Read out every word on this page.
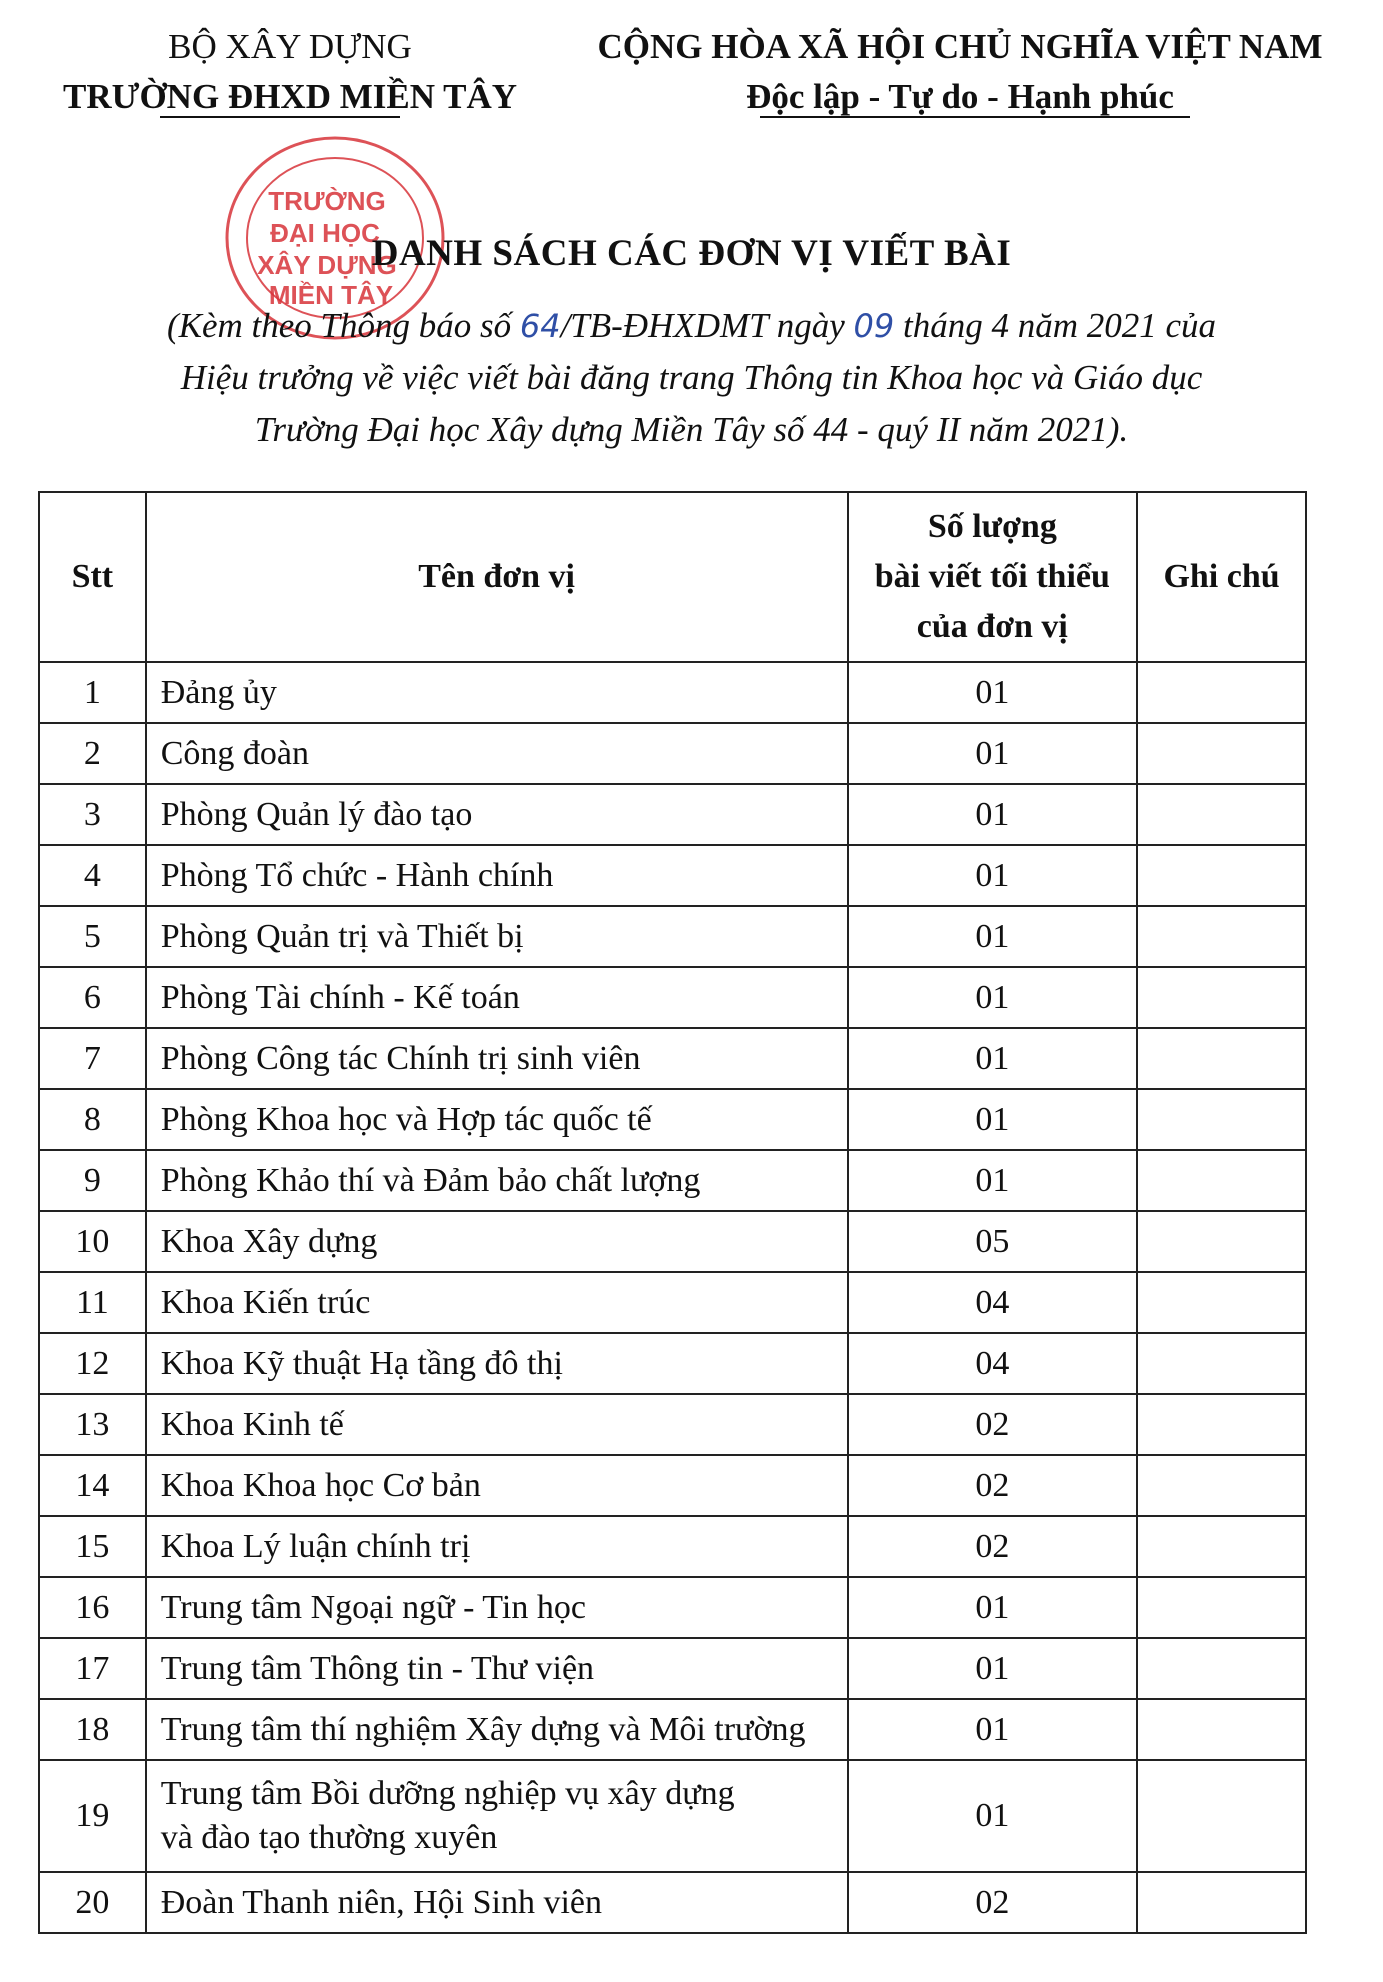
BỘ XÂY DỰNG
TRƯỜNG ĐHXD MIỀN TÂY
CỘNG HÒA XÃ HỘI CHỦ NGHĨA VIỆT NAM
Độc lập - Tự do - Hạnh phúc
TRƯỜNG
ĐẠI HỌC
XÂY DỰNG
MIỀN TÂY
DANH SÁCH CÁC ĐƠN VỊ VIẾT BÀI
(Kèm theo Thông báo số 64/TB-ĐHXDMT ngày 09 tháng 4 năm 2021 của
Hiệu trưởng về việc viết bài đăng trang Thông tin Khoa học và Giáo dục
Trường Đại học Xây dựng Miền Tây số 44 - quý II năm 2021).
Stt	Tên đơn vị	Số lượng
bài viết tối thiểu
của đơn vị	Ghi chú
1	Đảng ủy	01	
2	Công đoàn	01	
3	Phòng Quản lý đào tạo	01	
4	Phòng Tổ chức - Hành chính	01	
5	Phòng Quản trị và Thiết bị	01	
6	Phòng Tài chính - Kế toán	01	
7	Phòng Công tác Chính trị sinh viên	01	
8	Phòng Khoa học và Hợp tác quốc tế	01	
9	Phòng Khảo thí và Đảm bảo chất lượng	01	
10	Khoa Xây dựng	05	
11	Khoa Kiến trúc	04	
12	Khoa Kỹ thuật Hạ tầng đô thị	04	
13	Khoa Kinh tế	02	
14	Khoa Khoa học Cơ bản	02	
15	Khoa Lý luận chính trị	02	
16	Trung tâm Ngoại ngữ - Tin học	01	
17	Trung tâm Thông tin - Thư viện	01	
18	Trung tâm thí nghiệm Xây dựng và Môi trường	01	
19	Trung tâm Bồi dưỡng nghiệp vụ xây dựng
và đào tạo thường xuyên	01	
20	Đoàn Thanh niên, Hội Sinh viên	02	
